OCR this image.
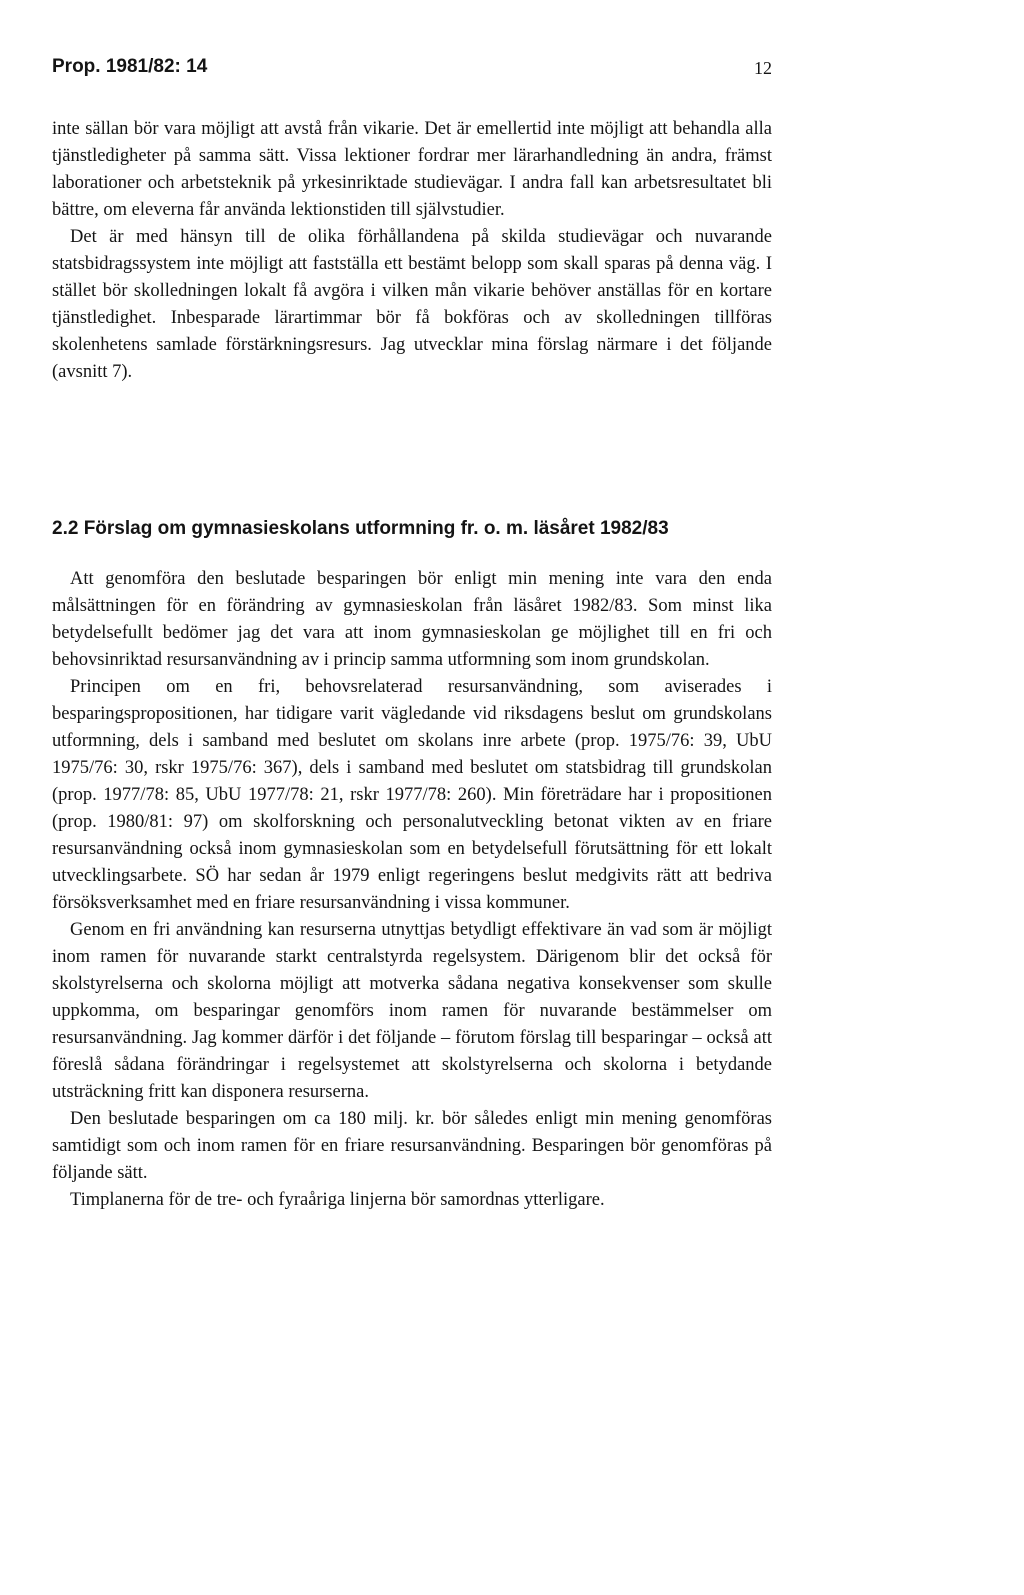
Prop. 1981/82: 14	12

inte sällan bör vara möjligt att avstå från vikarie. Det är emellertid inte möjligt att behandla alla tjänstledigheter på samma sätt. Vissa lektioner fordrar mer lärarhandledning än andra, främst laborationer och arbetsteknik på yrkesinriktade studievägar. I andra fall kan arbetsresultatet bli bättre, om eleverna får använda lektionstiden till självstudier.

Det är med hänsyn till de olika förhållandena på skilda studievägar och nuvarande statsbidragssystem inte möjligt att fastställa ett bestämt belopp som skall sparas på denna väg. I stället bör skolledningen lokalt få avgöra i vilken mån vikarie behöver anställas för en kortare tjänstledighet. Inbesparade lärartimmar bör få bokföras och av skolledningen tillföras skolenhetens samlade förstärkningsresurs. Jag utvecklar mina förslag närmare i det följande (avsnitt 7).

2.2 Förslag om gymnasieskolans utformning fr. o. m. läsåret 1982/83

Att genomföra den beslutade besparingen bör enligt min mening inte vara den enda målsättningen för en förändring av gymnasieskolan från läsåret 1982/83. Som minst lika betydelsefullt bedömer jag det vara att inom gymnasieskolan ge möjlighet till en fri och behovsinriktad resursanvändning av i princip samma utformning som inom grundskolan.

Principen om en fri, behovsrelaterad resursanvändning, som aviserades i besparingspropositionen, har tidigare varit vägledande vid riksdagens beslut om grundskolans utformning, dels i samband med beslutet om skolans inre arbete (prop. 1975/76: 39, UbU 1975/76: 30, rskr 1975/76: 367), dels i samband med beslutet om statsbidrag till grundskolan (prop. 1977/78: 85, UbU 1977/78: 21, rskr 1977/78: 260). Min företrädare har i propositionen (prop. 1980/81: 97) om skolforskning och personalutveckling betonat vikten av en friare resursanvändning också inom gymnasieskolan som en betydelsefull förutsättning för ett lokalt utvecklingsarbete. SÖ har sedan år 1979 enligt regeringens beslut medgivits rätt att bedriva försöksverksamhet med en friare resursanvändning i vissa kommuner.

Genom en fri användning kan resurserna utnyttjas betydligt effektivare än vad som är möjligt inom ramen för nuvarande starkt centralstyrda regelsystem. Därigenom blir det också för skolstyrelserna och skolorna möjligt att motverka sådana negativa konsekvenser som skulle uppkomma, om besparingar genomförs inom ramen för nuvarande bestämmelser om resursanvändning. Jag kommer därför i det följande – förutom förslag till besparingar – också att föreslå sådana förändringar i regelsystemet att skolstyrelserna och skolorna i betydande utsträckning fritt kan disponera resurserna.

Den beslutade besparingen om ca 180 milj. kr. bör således enligt min mening genomföras samtidigt som och inom ramen för en friare resursanvändning. Besparingen bör genomföras på följande sätt.

Timplanerna för de tre- och fyraåriga linjerna bör samordnas ytterligare.
